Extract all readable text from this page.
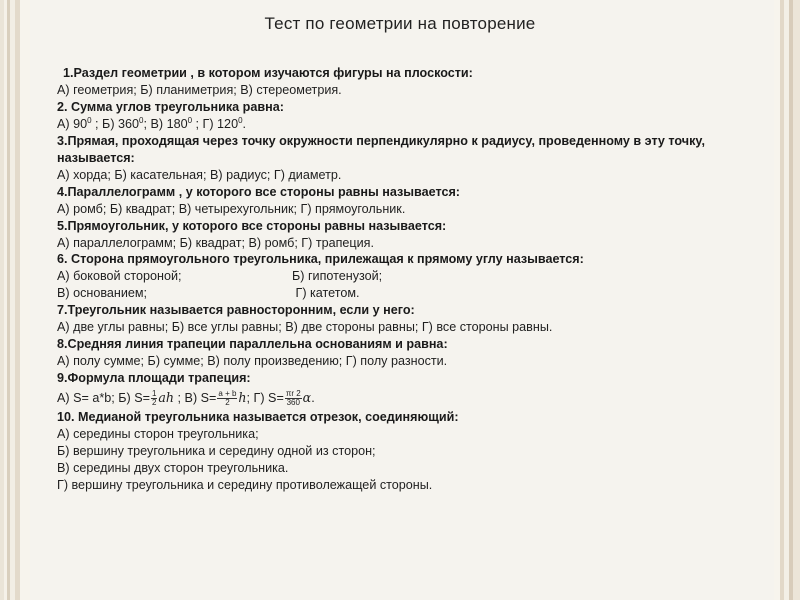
Тест по геометрии на повторение
1.Раздел геометрии , в котором изучаются фигуры на плоскости:
А) геометрия; Б) планиметрия; В) стереометрия.
2. Сумма углов треугольника равна:
А) $90^0$ ; Б) $360^0$; В) $180^0$ ; Г) $120^0$.
3.Прямая, проходящая через точку окружности перпендикулярно к радиусу, проведенному в эту точку,
называется:
А) хорда; Б) касательная; В) радиус; Г) диаметр.
4.Параллелограмм , у которого все стороны равны называется:
А) ромб; Б) квадрат; В) четырехугольник; Г) прямоугольник.
5.Прямоугольник, у которого все стороны равны называется:
А) параллелограмм; Б) квадрат; В) ромб; Г) трапеция.
6. Сторона прямоугольного треугольника, прилежащая к прямому углу называется:
А) боковой стороной;	Б) гипотенузой;
В) основанием;	Г) катетом.
7.Треугольник называется равносторонним, если у него:
А) две углы равны; Б) все углы равны; В) две стороны равны; Г) все стороны равны.
8.Средняя линия трапеции параллельна основаниям и равна:
А) полу сумме; Б) сумме; В) полу произведению; Г) полу разности.
9.Формула площади трапеция:
А) S= a*b; Б) $S= \frac{1}{2}$ ah ; В) $S= \frac{a + b}{2} h$; Г) $S= \frac{\pi r 2}{360} \alpha$.
10. Медианой треугольника называется отрезок, соединяющий:
А) середины сторон треугольника;
Б) вершину треугольника и середину одной из сторон;
В) середины двух сторон треугольника.
Г) вершину треугольника и середину противолежащей стороны.
